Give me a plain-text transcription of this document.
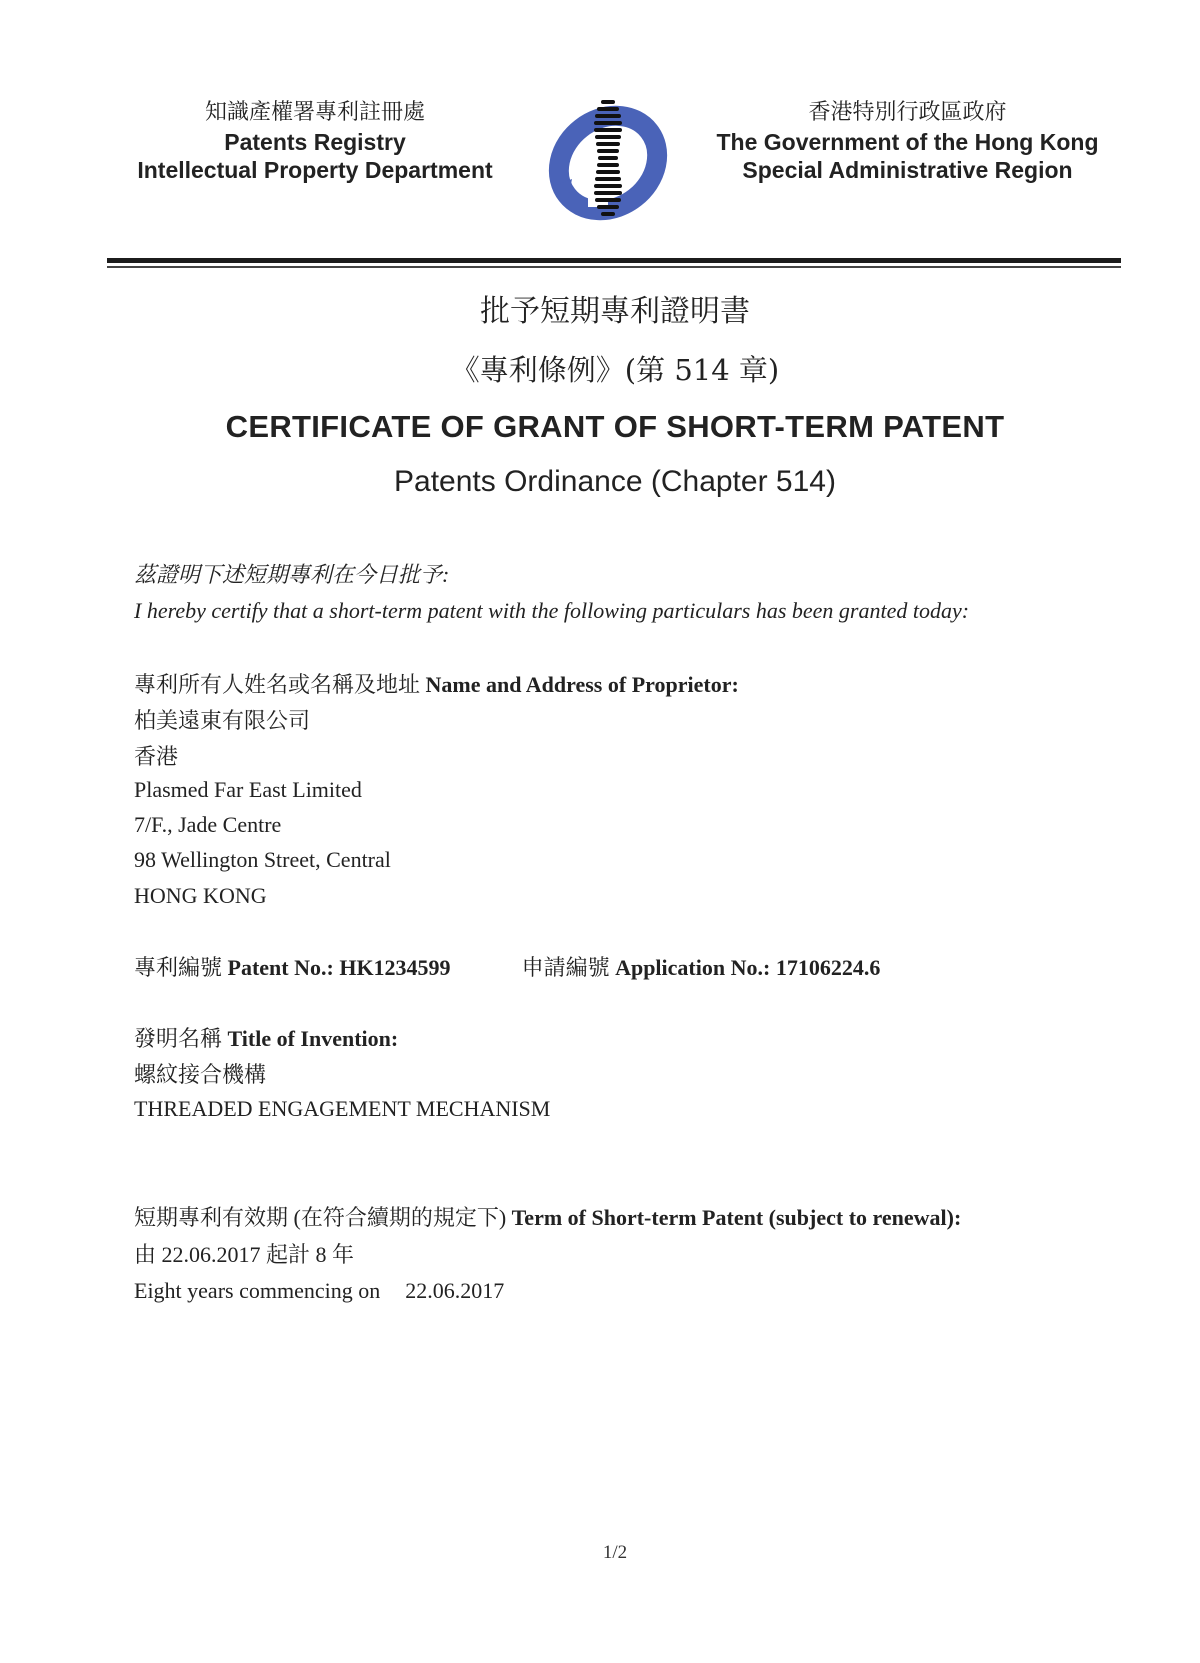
知識產權署專利註冊處
Patents Registry
Intellectual Property Department
香港特別行政區政府
The Government of the Hong Kong
Special Administrative Region
批予短期專利證明書
《專利條例》(第 514 章)
CERTIFICATE OF GRANT OF SHORT-TERM PATENT
Patents Ordinance (Chapter 514)
茲證明下述短期專利在今日批予:
I hereby certify that a short-term patent with the following particulars has been granted today:
專利所有人姓名或名稱及地址 Name and Address of Proprietor:
柏美遠東有限公司
香港
Plasmed Far East Limited
7/F., Jade Centre
98 Wellington Street, Central
HONG KONG
專利編號 Patent No.: HK1234599	申請編號 Application No.: 17106224.6
發明名稱 Title of Invention:
螺紋接合機構
THREADED ENGAGEMENT MECHANISM
短期專利有效期 (在符合續期的規定下) Term of Short-term Patent (subject to renewal):
由 22.06.2017 起計 8 年
Eight years commencing on 22.06.2017
1/2
